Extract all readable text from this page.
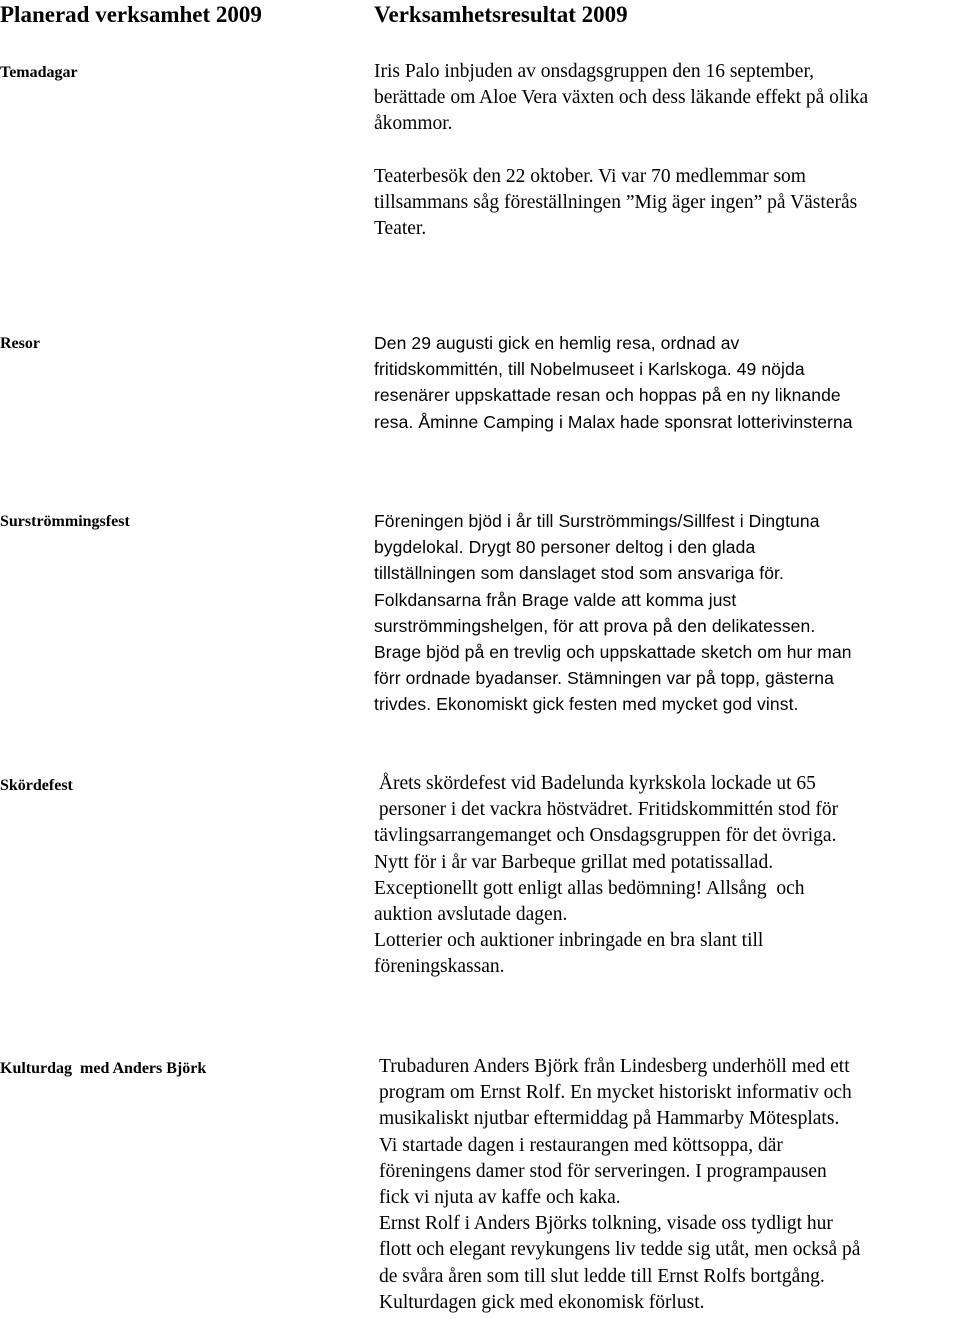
Planerad verksamhet 2009	Verksamhetsresultat 2009
Temadagar	Iris Palo inbjuden av onsdagsgruppen den 16 september,
berättade om Aloe Vera växten och dess läkande effekt på olika
åkommor.
Teaterbesök den 22 oktober. Vi var 70 medlemmar som
tillsammans såg föreställningen ”Mig äger ingen” på Västerås
Teater.
Resor	Den 29 augusti gick en hemlig resa, ordnad av
fritidskommittén, till Nobelmuseet i Karlskoga. 49 nöjda
resenärer uppskattade resan och hoppas på en ny liknande
resa. Åminne Camping i Malax hade sponsrat lotterivinsterna
Surströmmingsfest	Föreningen bjöd i år till Surströmmings/Sillfest i Dingtuna
bygdelokal. Drygt 80 personer deltog i den glada
tillställningen som danslaget stod som ansvariga för.
Folkdansarna från Brage valde att komma just
surströmmingshelgen, för att prova på den delikatessen.
Brage bjöd på en trevlig och uppskattade sketch om hur man
förr ordnade byadanser. Stämningen var på topp, gästerna
trivdes. Ekonomiskt gick festen med mycket god vinst.
Skördefest	Årets skördefest vid Badelunda kyrkskola lockade ut 65
personer i det vackra höstvädret. Fritidskommittén stod för
tävlingsarrangemanget och Onsdagsgruppen för det övriga.
Nytt för i år var Barbeque grillat med potatissallad.
Exceptionellt gott enligt allas bedömning! Allsång  och
auktion avslutade dagen.
Lotterier och auktioner inbringade en bra slant till
föreningskassan.
Kulturdag  med Anders Björk	Trubaduren Anders Björk från Lindesberg underhöll med ett
program om Ernst Rolf. En mycket historiskt informativ och
musikaliskt njutbar eftermiddag på Hammarby Mötesplats.
Vi startade dagen i restaurangen med köttsoppa, där
föreningens damer stod för serveringen. I programpausen
fick vi njuta av kaffe och kaka.
Ernst Rolf i Anders Björks tolkning, visade oss tydligt hur
flott och elegant revykungens liv tedde sig utåt, men också på
de svåra åren som till slut ledde till Ernst Rolfs bortgång.
Kulturdagen gick med ekonomisk förlust.
